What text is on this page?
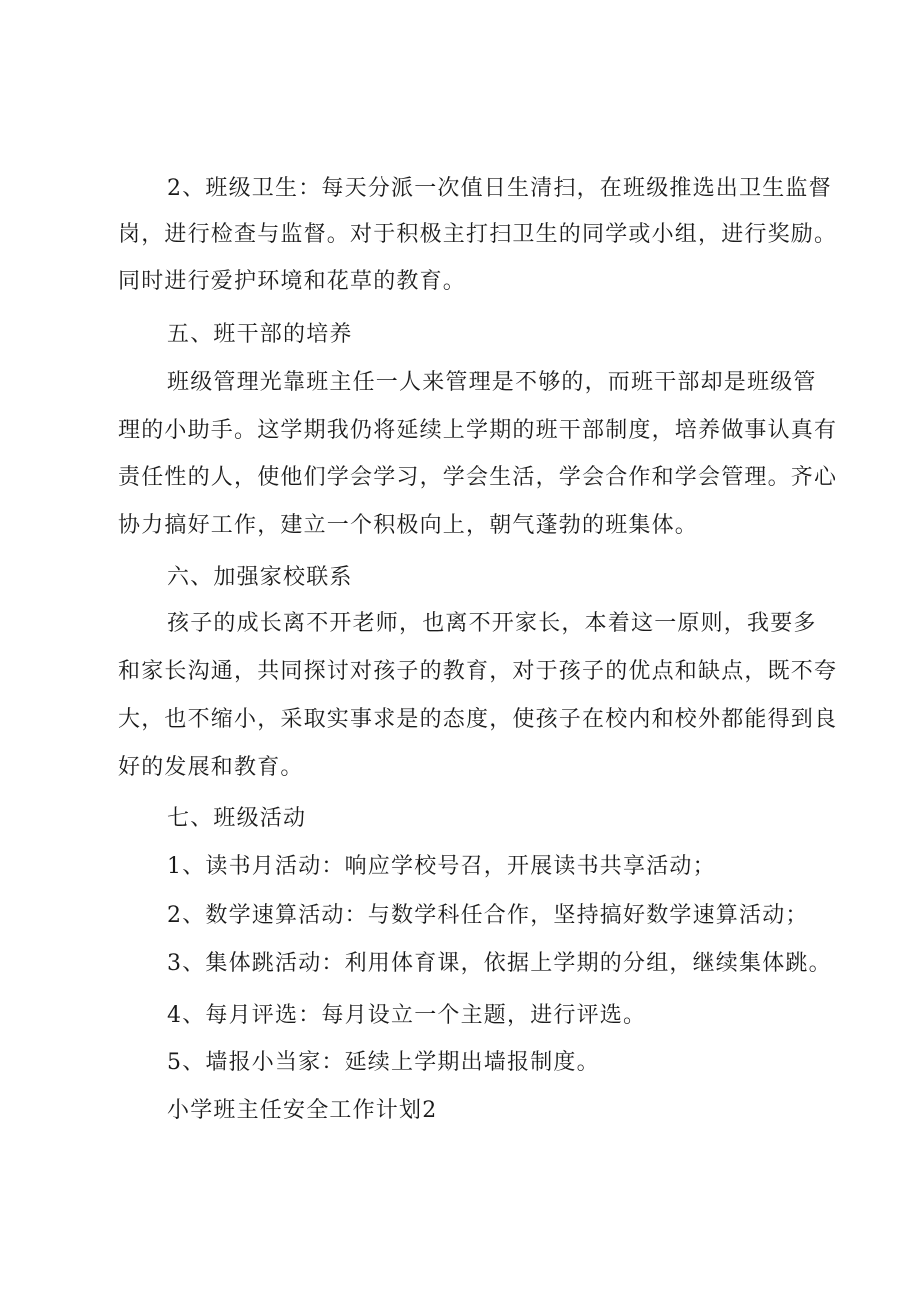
2、班级卫生：每天分派一次值日生清扫，在班级推选出卫生监督
岗，进行检查与监督。对于积极主打扫卫生的同学或小组，进行奖励。
同时进行爱护环境和花草的教育。
五、班干部的培养
班级管理光靠班主任一人来管理是不够的，而班干部却是班级管
理的小助手。这学期我仍将延续上学期的班干部制度，培养做事认真有
责任性的人，使他们学会学习，学会生活，学会合作和学会管理。齐心
协力搞好工作，建立一个积极向上，朝气蓬勃的班集体。
六、加强家校联系
孩子的成长离不开老师，也离不开家长，本着这一原则，我要多
和家长沟通，共同探讨对孩子的教育，对于孩子的优点和缺点，既不夸
大，也不缩小，采取实事求是的态度，使孩子在校内和校外都能得到良
好的发展和教育。
七、班级活动
1、读书月活动：响应学校号召，开展读书共享活动；
2、数学速算活动：与数学科任合作，坚持搞好数学速算活动；
3、集体跳活动：利用体育课，依据上学期的分组，继续集体跳。
4、每月评选：每月设立一个主题，进行评选。
5、墙报小当家：延续上学期出墙报制度。
小学班主任安全工作计划2
